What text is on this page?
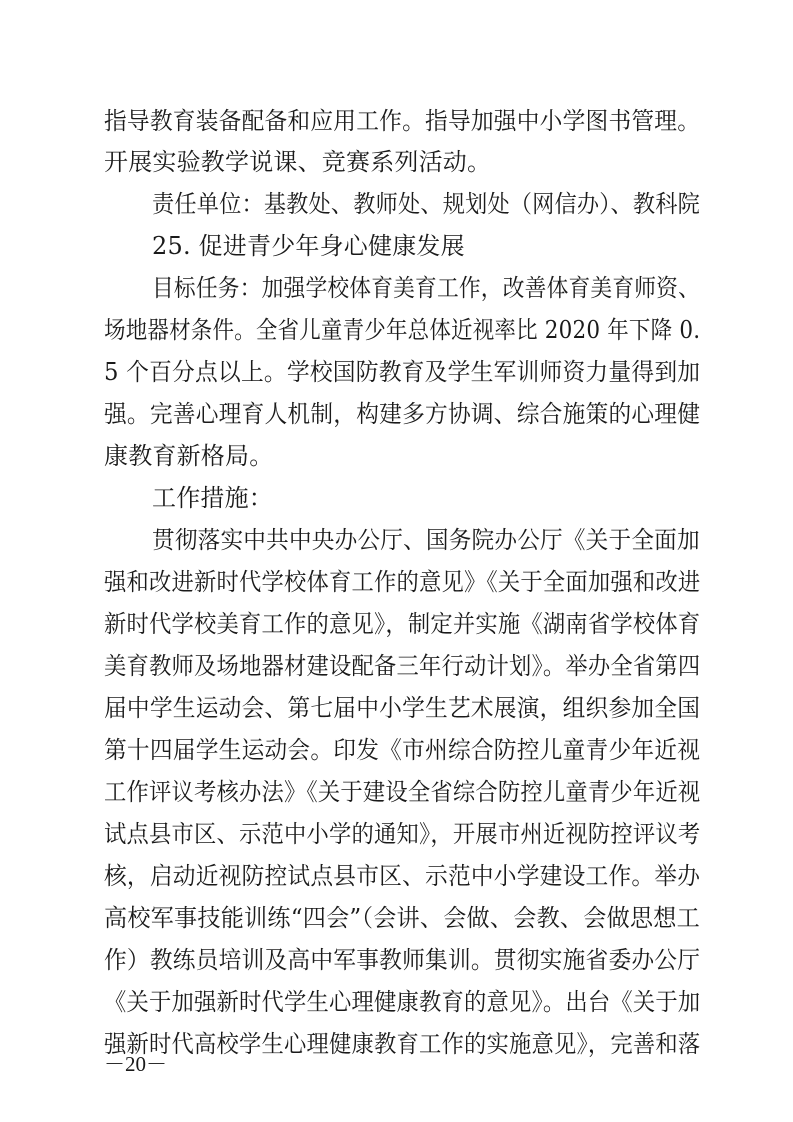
指导教育装备配备和应用工作。指导加强中小学图书管理。
开展实验教学说课、竞赛系列活动。
责任单位：基教处、教师处、规划处（网信办）、教科院
25. 促进青少年身心健康发展
目标任务：加强学校体育美育工作，改善体育美育师资、
场地器材条件。全省儿童青少年总体近视率比 2020 年下降 0.
5 个百分点以上。学校国防教育及学生军训师资力量得到加
强。完善心理育人机制，构建多方协调、综合施策的心理健
康教育新格局。
工作措施：
贯彻落实中共中央办公厅、国务院办公厅《关于全面加
强和改进新时代学校体育工作的意见》《关于全面加强和改进
新时代学校美育工作的意见》，制定并实施《湖南省学校体育
美育教师及场地器材建设配备三年行动计划》。举办全省第四
届中学生运动会、第七届中小学生艺术展演，组织参加全国
第十四届学生运动会。印发《市州综合防控儿童青少年近视
工作评议考核办法》《关于建设全省综合防控儿童青少年近视
试点县市区、示范中小学的通知》，开展市州近视防控评议考
核，启动近视防控试点县市区、示范中小学建设工作。举办
高校军事技能训练“四会”（会讲、会做、会教、会做思想工
作）教练员培训及高中军事教师集训。贯彻实施省委办公厅
《关于加强新时代学生心理健康教育的意见》。出台《关于加
强新时代高校学生心理健康教育工作的实施意见》，完善和落
－20－
